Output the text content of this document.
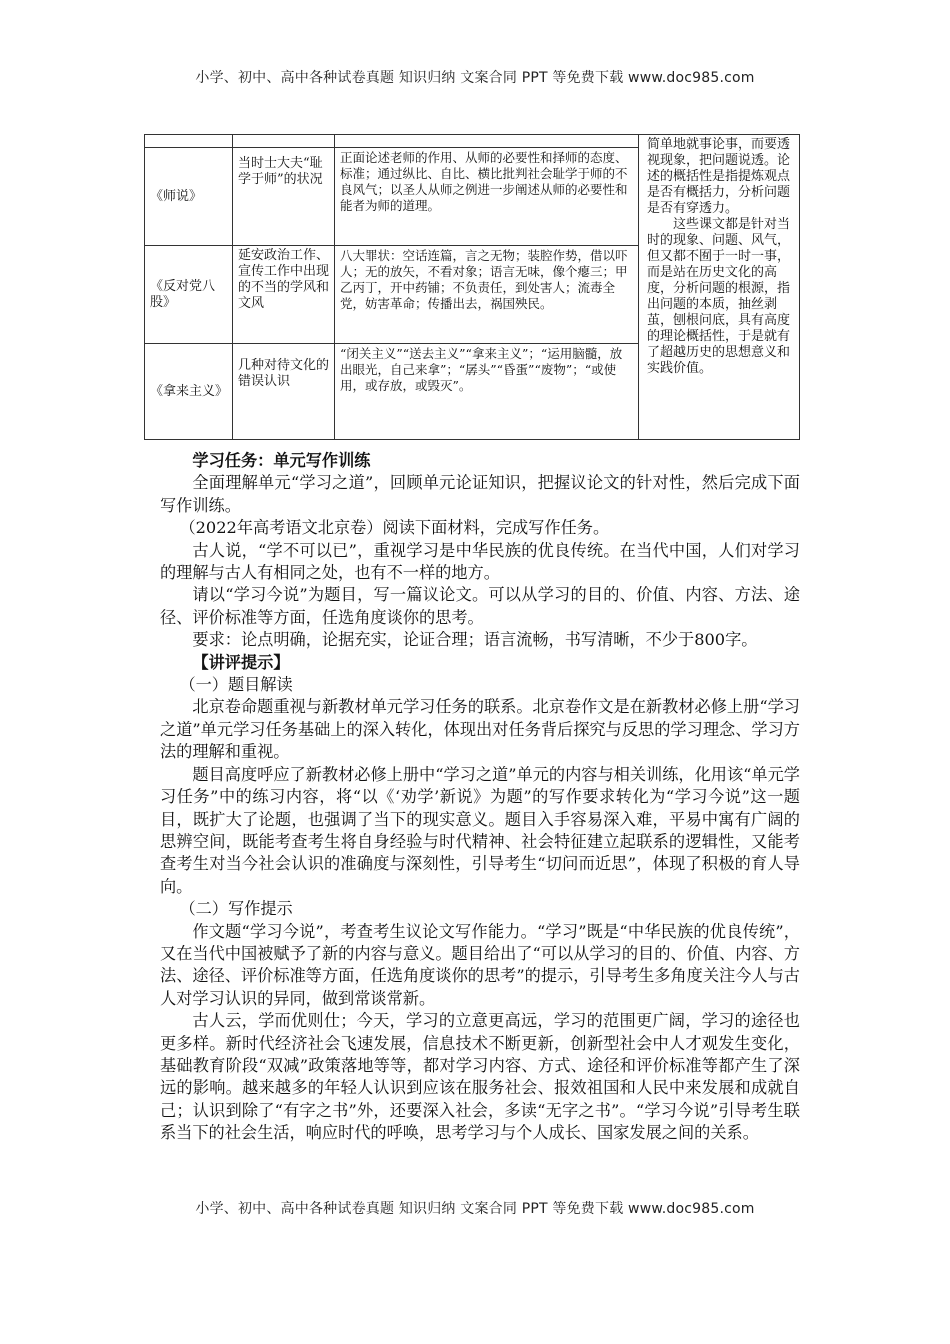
小学、初中、高中各种试卷真题 知识归纳 文案合同 PPT 等免费下载 www.doc985.com

			简单地就事论事，而要透视现象，把问题说透。论述的概括性是指提炼观点是否有概括力，分析问题是否有穿透力。

这些课文都是针对当时的现象、问题、风气，但又都不囿于一时一事，而是站在历史文化的高度，分析问题的根源，指出问题的本质，抽丝剥茧，刨根问底，具有高度的理论概括性，于是就有了超越历史的思想意义和实践价值。

《师说》	当时士大夫“耻学于师”的状况	正面论述老师的作用、从师的必要性和择师的态度、标准；通过纵比、自比、横比批判社会耻学于师的不良风气；以圣人从师之例进一步阐述从师的必要性和能者为师的道理。	
《反对党八股》	延安政治工作、宣传工作中出现的不当的学风和文风	八大罪状：空话连篇，言之无物；装腔作势，借以吓人；无的放矢，不看对象；语言无味，像个瘪三；甲乙丙丁，开中药铺；不负责任，到处害人；流毒全党，妨害革命；传播出去，祸国殃民。	
《拿来主义》	几种对待文化的错误认识	“闭关主义”“送去主义”“拿来主义”；“运用脑髓，放出眼光，自己来拿”；“孱头”“昏蛋”“废物”；“或使用，或存放，或毁灭”。	

学习任务：单元写作训练

全面理解单元“学习之道”，回顾单元论证知识，把握议论文的针对性，然后完成下面写作训练。

（2022年高考语文北京卷）阅读下面材料，完成写作任务。

古人说，“学不可以已”，重视学习是中华民族的优良传统。在当代中国，人们对学习的理解与古人有相同之处，也有不一样的地方。

请以“学习今说”为题目，写一篇议论文。可以从学习的目的、价值、内容、方法、途径、评价标准等方面，任选角度谈你的思考。

要求：论点明确，论据充实，论证合理；语言流畅，书写清晰，不少于800字。

【讲评提示】

（一）题目解读

北京卷命题重视与新教材单元学习任务的联系。北京卷作文是在新教材必修上册“学习之道”单元学习任务基础上的深入转化，体现出对任务背后探究与反思的学习理念、学习方法的理解和重视。

题目高度呼应了新教材必修上册中“学习之道”单元的内容与相关训练，化用该“单元学习任务”中的练习内容，将“以《‘劝学’新说》为题”的写作要求转化为“学习今说”这一题目，既扩大了论题，也强调了当下的现实意义。题目入手容易深入难，平易中寓有广阔的思辨空间，既能考查考生将自身经验与时代精神、社会特征建立起联系的逻辑性，又能考查考生对当今社会认识的准确度与深刻性，引导考生“切问而近思”，体现了积极的育人导向。

（二）写作提示

作文题“学习今说”，考查考生议论文写作能力。“学习”既是“中华民族的优良传统”，又在当代中国被赋予了新的内容与意义。题目给出了“可以从学习的目的、价值、内容、方法、途径、评价标准等方面，任选角度谈你的思考”的提示，引导考生多角度关注今人与古人对学习认识的异同，做到常谈常新。

古人云，学而优则仕；今天，学习的立意更高远，学习的范围更广阔，学习的途径也更多样。新时代经济社会飞速发展，信息技术不断更新，创新型社会中人才观发生变化，基础教育阶段“双减”政策落地等等，都对学习内容、方式、途径和评价标准等都产生了深远的影响。越来越多的年轻人认识到应该在服务社会、报效祖国和人民中来发展和成就自己；认识到除了“有字之书”外，还要深入社会，多读“无字之书”。“学习今说”引导考生联系当下的社会生活，响应时代的呼唤，思考学习与个人成长、国家发展之间的关系。

小学、初中、高中各种试卷真题 知识归纳 文案合同 PPT 等免费下载 www.doc985.com
